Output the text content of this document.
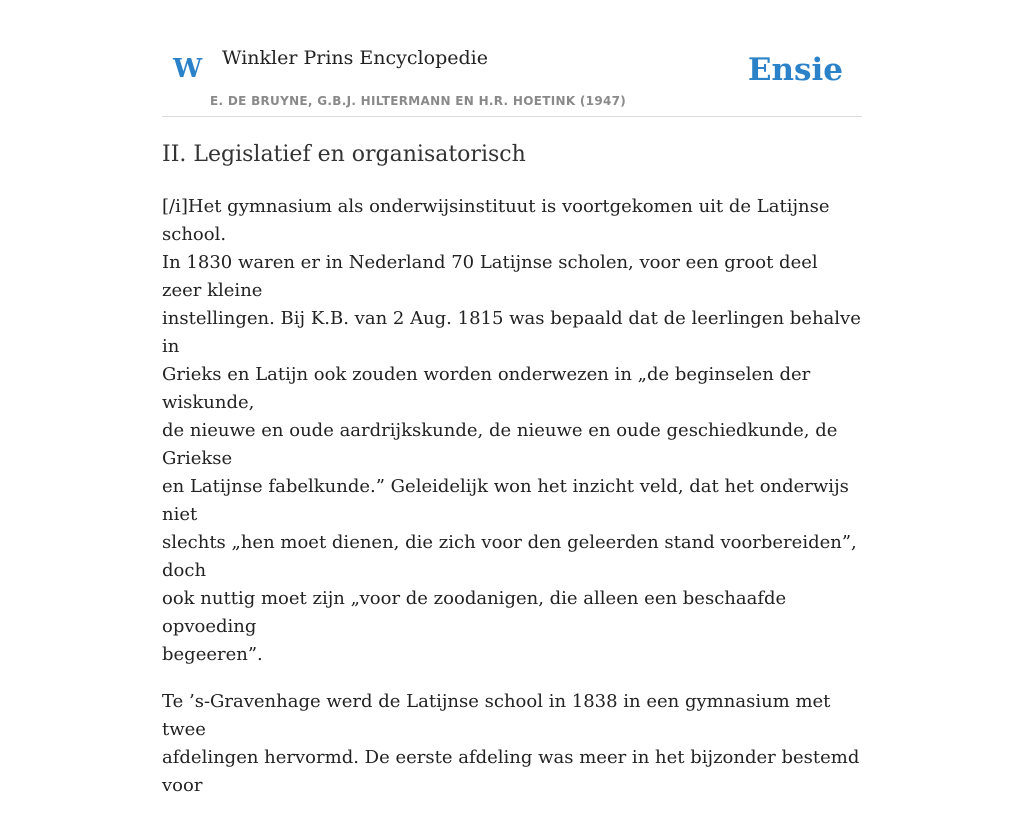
W Winkler Prins Encyclopedie
E. DE BRUYNE, G.B.J. HILTERMANN EN H.R. HOETINK (1947)
Ensie
II. Legislatief en organisatorisch

[/i]Het gymnasium als onderwijsinstituut is voortgekomen uit de Latijnse school.
In 1830 waren er in Nederland 70 Latijnse scholen, voor een groot deel zeer kleine
instellingen. Bij K.B. van 2 Aug. 1815 was bepaald dat de leerlingen behalve in
Grieks en Latijn ook zouden worden onderwezen in „de beginselen der wiskunde,
de nieuwe en oude aardrijkskunde, de nieuwe en oude geschiedkunde, de Griekse
en Latijnse fabelkunde.” Geleidelijk won het inzicht veld, dat het onderwijs niet
slechts „hen moet dienen, die zich voor den geleerden stand voorbereiden”, doch
ook nuttig moet zijn „voor de zoodanigen, die alleen een beschaafde opvoeding
begeeren”.

Te ’s-Gravenhage werd de Latijnse school in 1838 in een gymnasium met twee
afdelingen hervormd. De eerste afdeling was meer in het bijzonder bestemd voor
